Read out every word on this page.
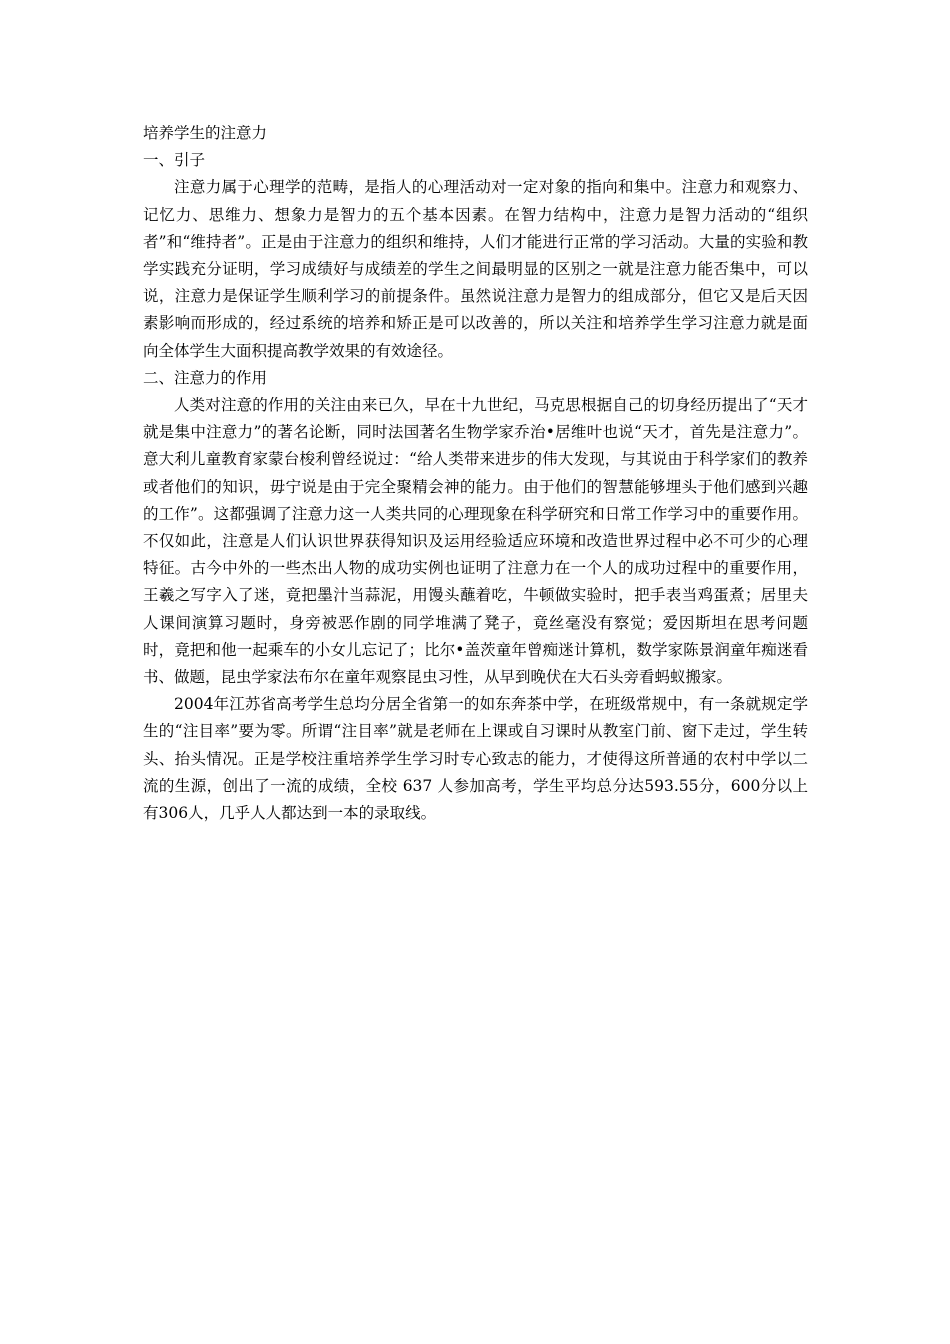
培养学生的注意力

一、引子

注意力属于心理学的范畴，是指人的心理活动对一定对象的指向和集中。注意力和观察力、记忆力、思维力、想象力是智力的五个基本因素。在智力结构中，注意力是智力活动的“组织者”和“维持者”。正是由于注意力的组织和维持，人们才能进行正常的学习活动。大量的实验和教学实践充分证明，学习成绩好与成绩差的学生之间最明显的区别之一就是注意力能否集中，可以说，注意力是保证学生顺利学习的前提条件。虽然说注意力是智力的组成部分，但它又是后天因素影响而形成的，经过系统的培养和矫正是可以改善的，所以关注和培养学生学习注意力就是面向全体学生大面积提高教学效果的有效途径。

二、注意力的作用

人类对注意的作用的关注由来已久，早在十九世纪，马克思根据自己的切身经历提出了“天才就是集中注意力”的著名论断，同时法国著名生物学家乔治•居维叶也说“天才，首先是注意力”。意大利儿童教育家蒙台梭利曾经说过：“给人类带来进步的伟大发现，与其说由于科学家们的教养或者他们的知识，毋宁说是由于完全聚精会神的能力。由于他们的智慧能够埋头于他们感到兴趣的工作”。这都强调了注意力这一人类共同的心理现象在科学研究和日常工作学习中的重要作用。不仅如此，注意是人们认识世界获得知识及运用经验适应环境和改造世界过程中必不可少的心理特征。古今中外的一些杰出人物的成功实例也证明了注意力在一个人的成功过程中的重要作用，王羲之写字入了迷，竟把墨汁当蒜泥，用馒头蘸着吃，牛顿做实验时，把手表当鸡蛋煮；居里夫人课间演算习题时，身旁被恶作剧的同学堆满了凳子，竟丝毫没有察觉；爱因斯坦在思考问题时，竟把和他一起乘车的小女儿忘记了；比尔•盖茨童年曾痴迷计算机，数学家陈景润童年痴迷看书、做题，昆虫学家法布尔在童年观察昆虫习性，从早到晚伏在大石头旁看蚂蚁搬家。

2004年江苏省高考学生总均分居全省第一的如东奔茶中学，在班级常规中，有一条就规定学生的“注目率”要为零。所谓“注目率”就是老师在上课或自习课时从教室门前、窗下走过，学生转头、抬头情况。正是学校注重培养学生学习时专心致志的能力，才使得这所普通的农村中学以二流的生源，创出了一流的成绩，全校 637 人参加高考，学生平均总分达593.55分，600分以上有306人，几乎人人都达到一本的录取线。
